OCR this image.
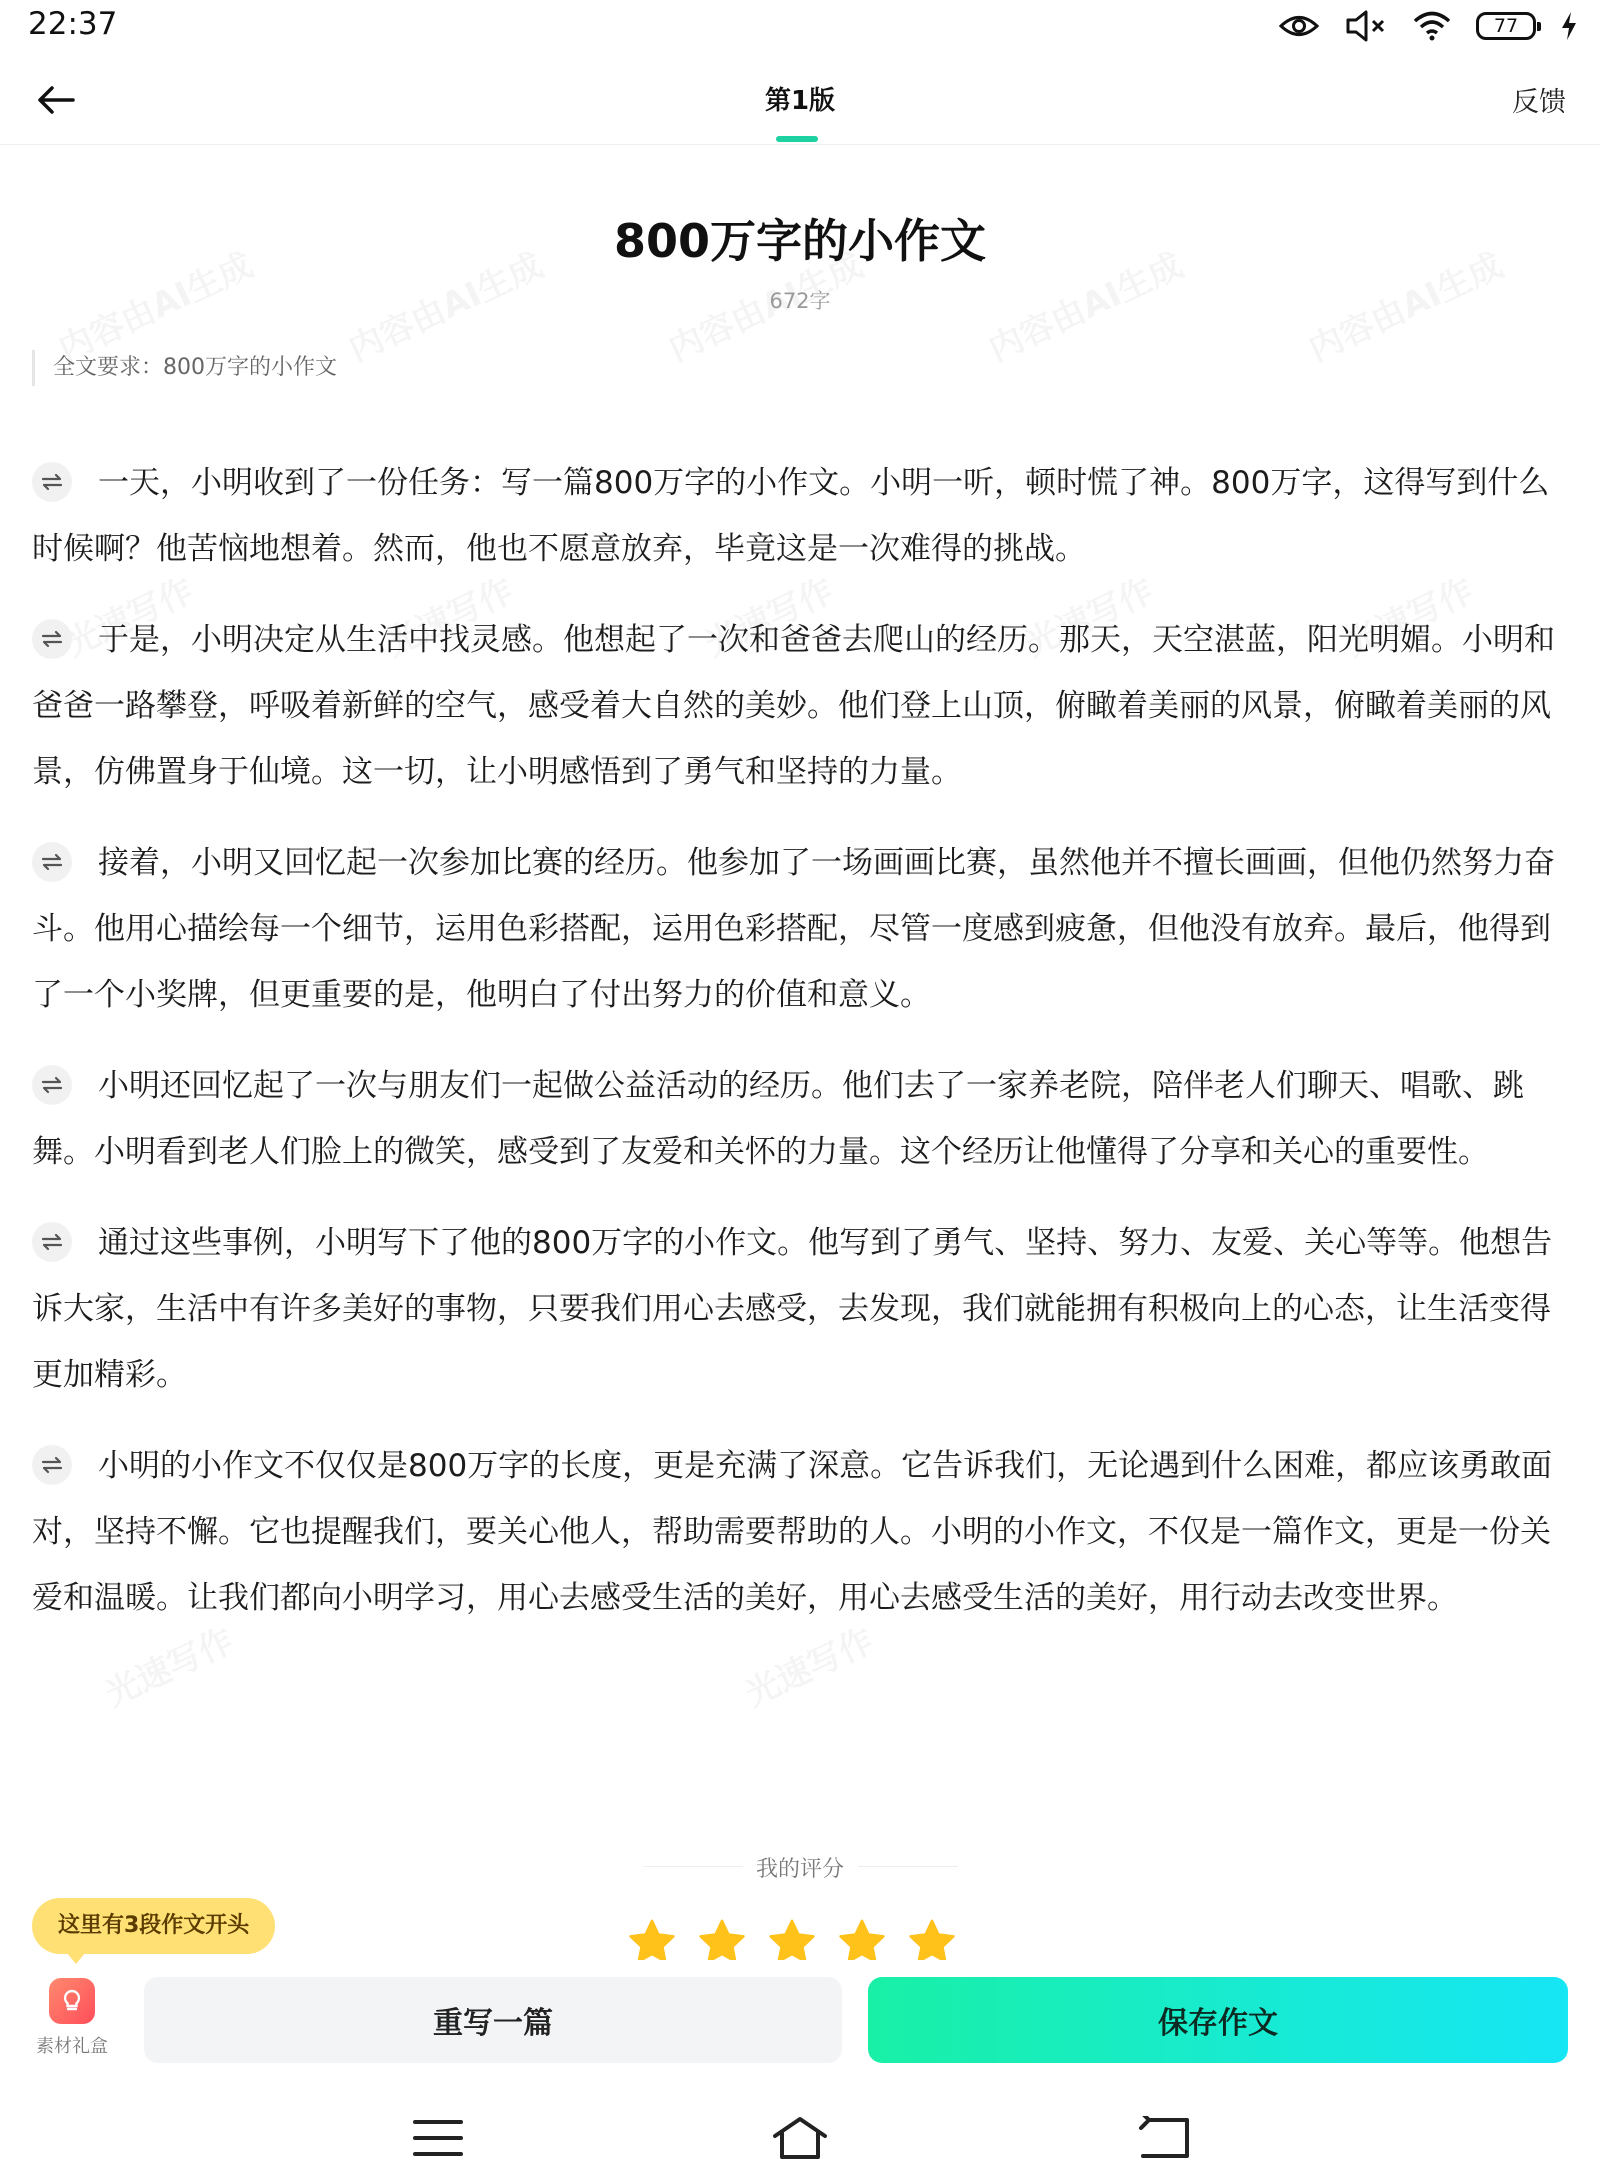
22:37	77
第1版	反馈
800万字的小作文
672字
全文要求：800万字的小作文

一天，小明收到了一份任务：写一篇800万字的小作文。小明一听，顿时慌了神。800万字，这得写到什么时候啊？他苦恼地想着。然而，他也不愿意放弃，毕竟这是一次难得的挑战。

于是，小明决定从生活中找灵感。他想起了一次和爸爸去爬山的经历。那天，天空湛蓝，阳光明媚。小明和爸爸一路攀登，呼吸着新鲜的空气，感受着大自然的美妙。他们登上山顶，俯瞰着美丽的风景，俯瞰着美丽的风景，仿佛置身于仙境。这一切，让小明感悟到了勇气和坚持的力量。

接着，小明又回忆起一次参加比赛的经历。他参加了一场画画比赛，虽然他并不擅长画画，但他仍然努力奋斗。他用心描绘每一个细节，运用色彩搭配，运用色彩搭配，尽管一度感到疲惫，但他没有放弃。最后，他得到了一个小奖牌，但更重要的是，他明白了付出努力的价值和意义。

小明还回忆起了一次与朋友们一起做公益活动的经历。他们去了一家养老院，陪伴老人们聊天、唱歌、跳舞。小明看到老人们脸上的微笑，感受到了友爱和关怀的力量。这个经历让他懂得了分享和关心的重要性。

通过这些事例，小明写下了他的800万字的小作文。他写到了勇气、坚持、努力、友爱、关心等等。他想告诉大家，生活中有许多美好的事物，只要我们用心去感受，去发现，我们就能拥有积极向上的心态，让生活变得更加精彩。

小明的小作文不仅仅是800万字的长度，更是充满了深意。它告诉我们，无论遇到什么困难，都应该勇敢面对，坚持不懈。它也提醒我们，要关心他人，帮助需要帮助的人。小明的小作文，不仅是一篇作文，更是一份关爱和温暖。让我们都向小明学习，用心去感受生活的美好，用心去感受生活的美好，用行动去改变世界。

我的评分
这里有3段作文开头
素材礼盒
重写一篇	保存作文
